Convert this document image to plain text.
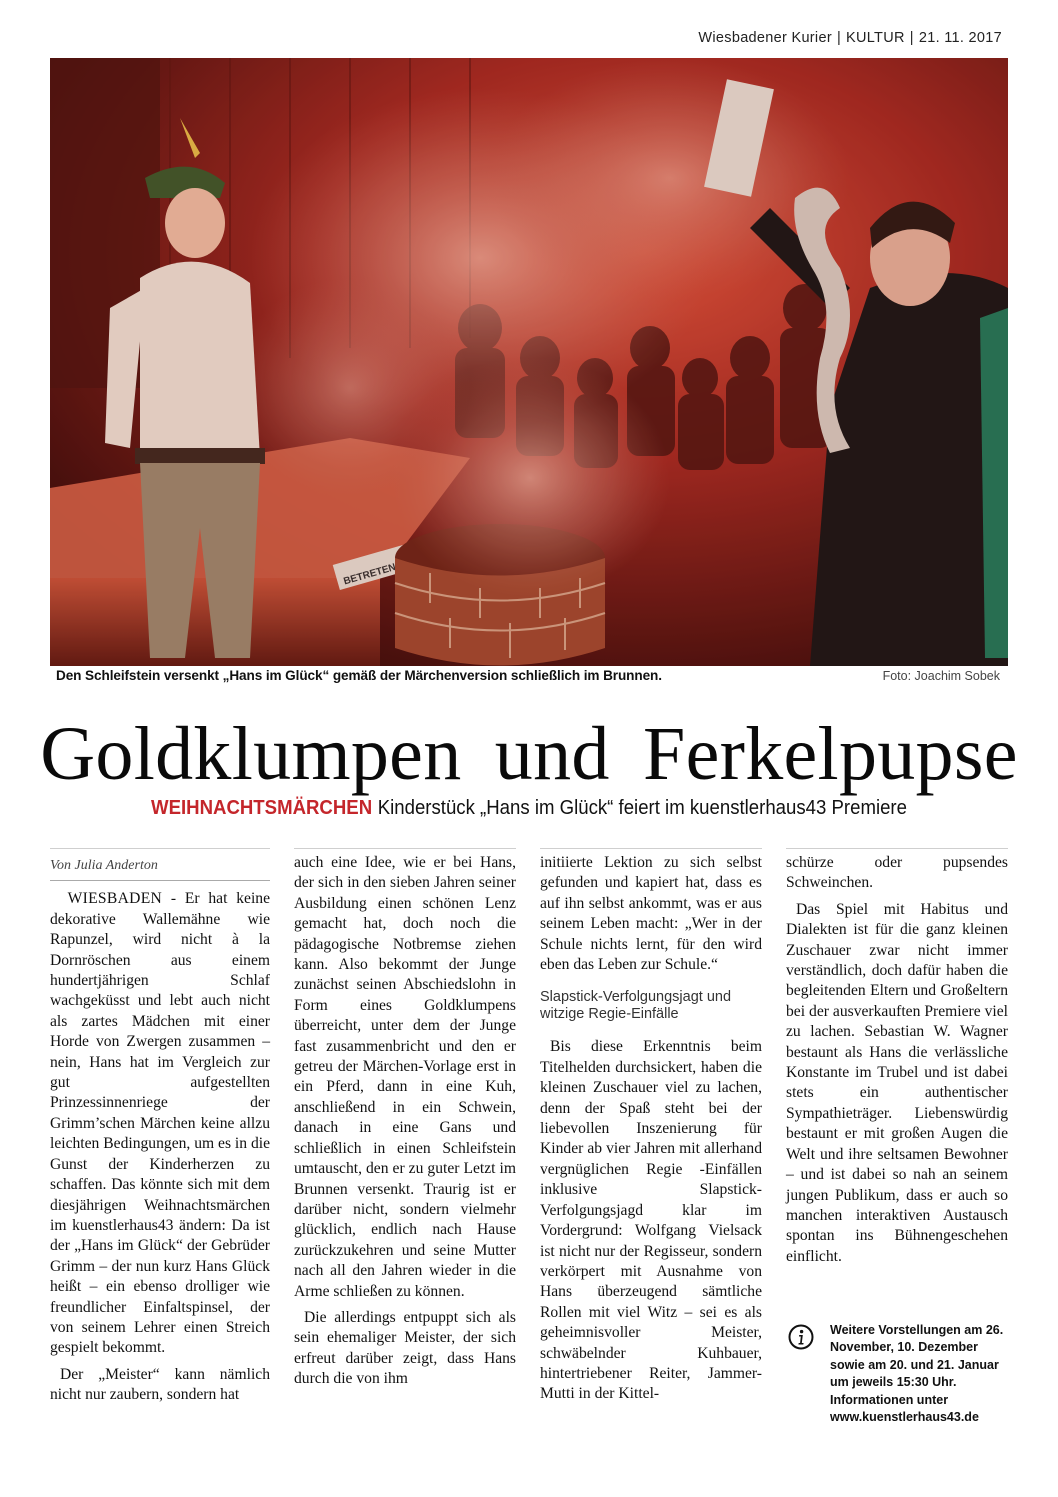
Wiesbadener Kurier | KULTUR | 21. 11. 2017
BETRETEN
Den Schleifstein versenkt „Hans im Glück“ gemäß der Märchenversion schließlich im Brunnen.	Foto: Joachim Sobek
Goldklumpen und Ferkelpupse
WEIHNACHTSMÄRCHEN Kinderstück „Hans im Glück“ feiert im kuenstlerhaus43 Premiere
Von Julia Anderton

WIESBADEN - Er hat keine dekorative Wallemähne wie Rapunzel, wird nicht à la Dornröschen aus einem hundertjährigen Schlaf wachgeküsst und lebt auch nicht als zartes Mädchen mit einer Horde von Zwergen zusammen – nein, Hans hat im Vergleich zur gut aufgestellten Prinzessinnenriege der Grimm’schen Märchen keine allzu leichten Bedingungen, um es in die Gunst der Kinderherzen zu schaffen. Das könnte sich mit dem diesjährigen Weihnachtsmärchen im kuenstlerhaus43 ändern: Da ist der „Hans im Glück“ der Gebrüder Grimm – der nun kurz Hans Glück heißt – ein ebenso drolliger wie freundlicher Einfaltspinsel, der von seinem Lehrer einen Streich gespielt bekommt.

Der „Meister“ kann nämlich nicht nur zaubern, sondern hat

auch eine Idee, wie er bei Hans, der sich in den sieben Jahren seiner Ausbildung einen schönen Lenz gemacht hat, doch noch die pädagogische Notbremse ziehen kann. Also bekommt der Junge zunächst seinen Abschiedslohn in Form eines Goldklumpens überreicht, unter dem der Junge fast zusammenbricht und den er getreu der Märchen-Vorlage erst in ein Pferd, dann in eine Kuh, anschließend in ein Schwein, danach in eine Gans und schließlich in einen Schleifstein umtauscht, den er zu guter Letzt im Brunnen versenkt. Traurig ist er darüber nicht, sondern vielmehr glücklich, endlich nach Hause zurückzukehren und seine Mutter nach all den Jahren wieder in die Arme schließen zu können.

Die allerdings entpuppt sich als sein ehemaliger Meister, der sich erfreut darüber zeigt, dass Hans durch die von ihm

initiierte Lektion zu sich selbst gefunden und kapiert hat, dass es auf ihn selbst ankommt, was er aus seinem Leben macht: „Wer in der Schule nichts lernt, für den wird eben das Leben zur Schule.“

Slapstick-Verfolgungsjagt und witzige Regie-Einfälle

Bis diese Erkenntnis beim Titelhelden durchsickert, haben die kleinen Zuschauer viel zu lachen, denn der Spaß steht bei der liebevollen Inszenierung für Kinder ab vier Jahren mit allerhand vergnüglichen Regie -Einfällen inklusive Slapstick-Verfolgungsjagd klar im Vordergrund: Wolfgang Vielsack ist nicht nur der Regisseur, sondern verkörpert mit Ausnahme von Hans überzeugend sämtliche Rollen mit viel Witz – sei es als geheimnisvoller Meister, schwäbelnder Kuhbauer, hintertriebener Reiter, Jammer-Mutti in der Kittel-

schürze oder pupsendes Schweinchen.

Das Spiel mit Habitus und Dialekten ist für die ganz kleinen Zuschauer zwar nicht immer verständlich, doch dafür haben die begleitenden Eltern und Großeltern bei der ausverkauften Premiere viel zu lachen. Sebastian W. Wagner bestaunt als Hans die verlässliche Konstante im Trubel und ist dabei stets ein authentischer Sympathieträger. Liebenswürdig bestaunt er mit großen Augen die Welt und ihre seltsamen Bewohner – und ist dabei so nah an seinem jungen Publikum, dass er auch so manchen interaktiven Austausch spontan ins Bühnengeschehen einflicht.

Weitere Vorstellungen am 26. November, 10. Dezember sowie am 20. und 21. Januar um jeweils 15:30 Uhr. Informationen unter www.kuenstlerhaus43.de
